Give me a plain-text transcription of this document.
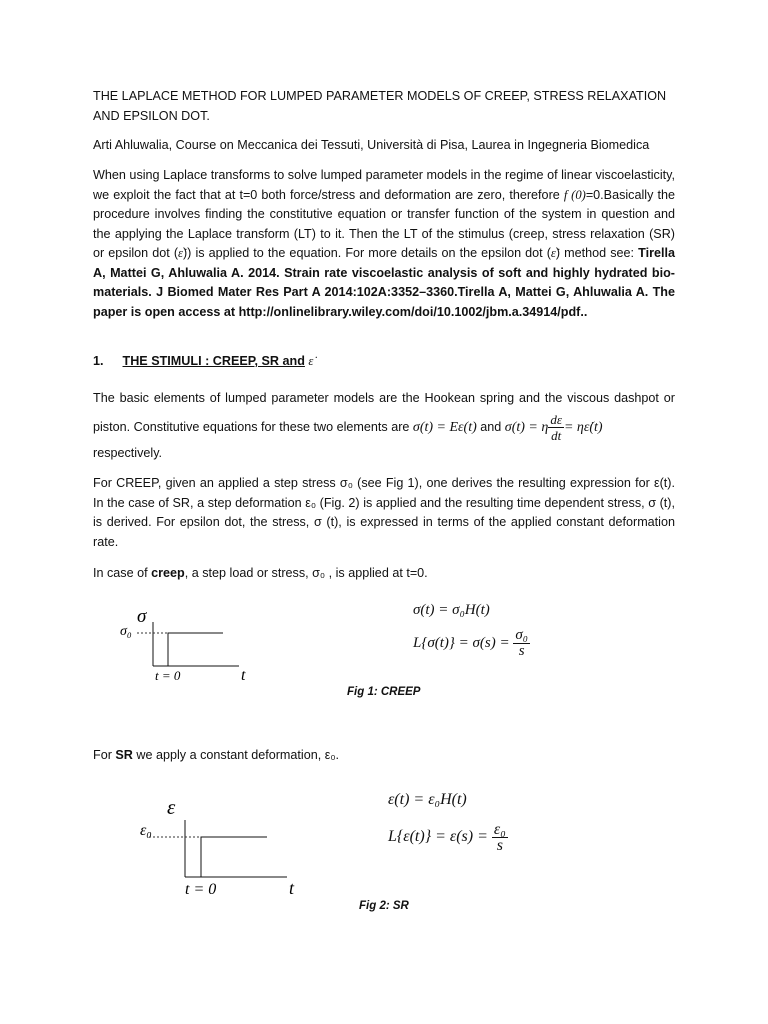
THE LAPLACE METHOD FOR LUMPED PARAMETER MODELS OF CREEP, STRESS RELAXATION AND EPSILON DOT.

Arti Ahluwalia, Course on Meccanica dei Tessuti, Università di Pisa, Laurea in Ingegneria Biomedica

When using Laplace transforms to solve lumped parameter models in the regime of linear viscoelasticity, we exploit the fact that at t=0 both force/stress and deformation are zero, therefore f (0)=0.Basically the procedure involves finding the constitutive equation or transfer function of the system in question and the applying the Laplace transform (LT) to it. Then the LT of the stimulus (creep, stress relaxation (SR) or epsilon dot (ε̇)) is applied to the equation. For more details on the epsilon dot (ε̇) method see: Tirella A, Mattei G, Ahluwalia A. 2014. Strain rate viscoelastic analysis of soft and highly hydrated bio-materials. J Biomed Mater Res Part A 2014:102A:3352–3360.Tirella A, Mattei G, Ahluwalia A. The paper is open access at http://onlinelibrary.wiley.com/doi/10.1002/jbm.a.34914/pdf..

1. THE STIMULI : CREEP, SR and ε̇

The basic elements of lumped parameter models are the Hookean spring and the viscous dashpot or piston. Constitutive equations for these two elements are σ(t) = Eε(t) and σ(t) = η $\frac{d\varepsilon}{dt}$ = ηε̇(t)

respectively.

For CREEP, given an applied a step stress σ₀ (see Fig 1), one derives the resulting expression for ε(t). In the case of SR, a step deformation ε₀ (Fig. 2) is applied and the resulting time dependent stress, σ (t), is derived. For epsilon dot, the stress, σ (t), is expressed in terms of the applied constant deformation rate.

In case of creep, a step load or stress, σ₀ , is applied at t=0.

σ
σ₀
t = 0	t
σ(t) = σ₀H(t)
$L\{\sigma(t)\} = \sigma(s) = \frac{\text{σ₀}}{s}$
Fig 1: CREEP

For SR we apply a constant deformation, ε₀.

ε
ε₀
t = 0	t
ε(t) = ε₀H(t)
$L\{\varepsilon(t)\} = \varepsilon(s) = \frac{\text{ε₀}}{s}$
Fig 2: SR
